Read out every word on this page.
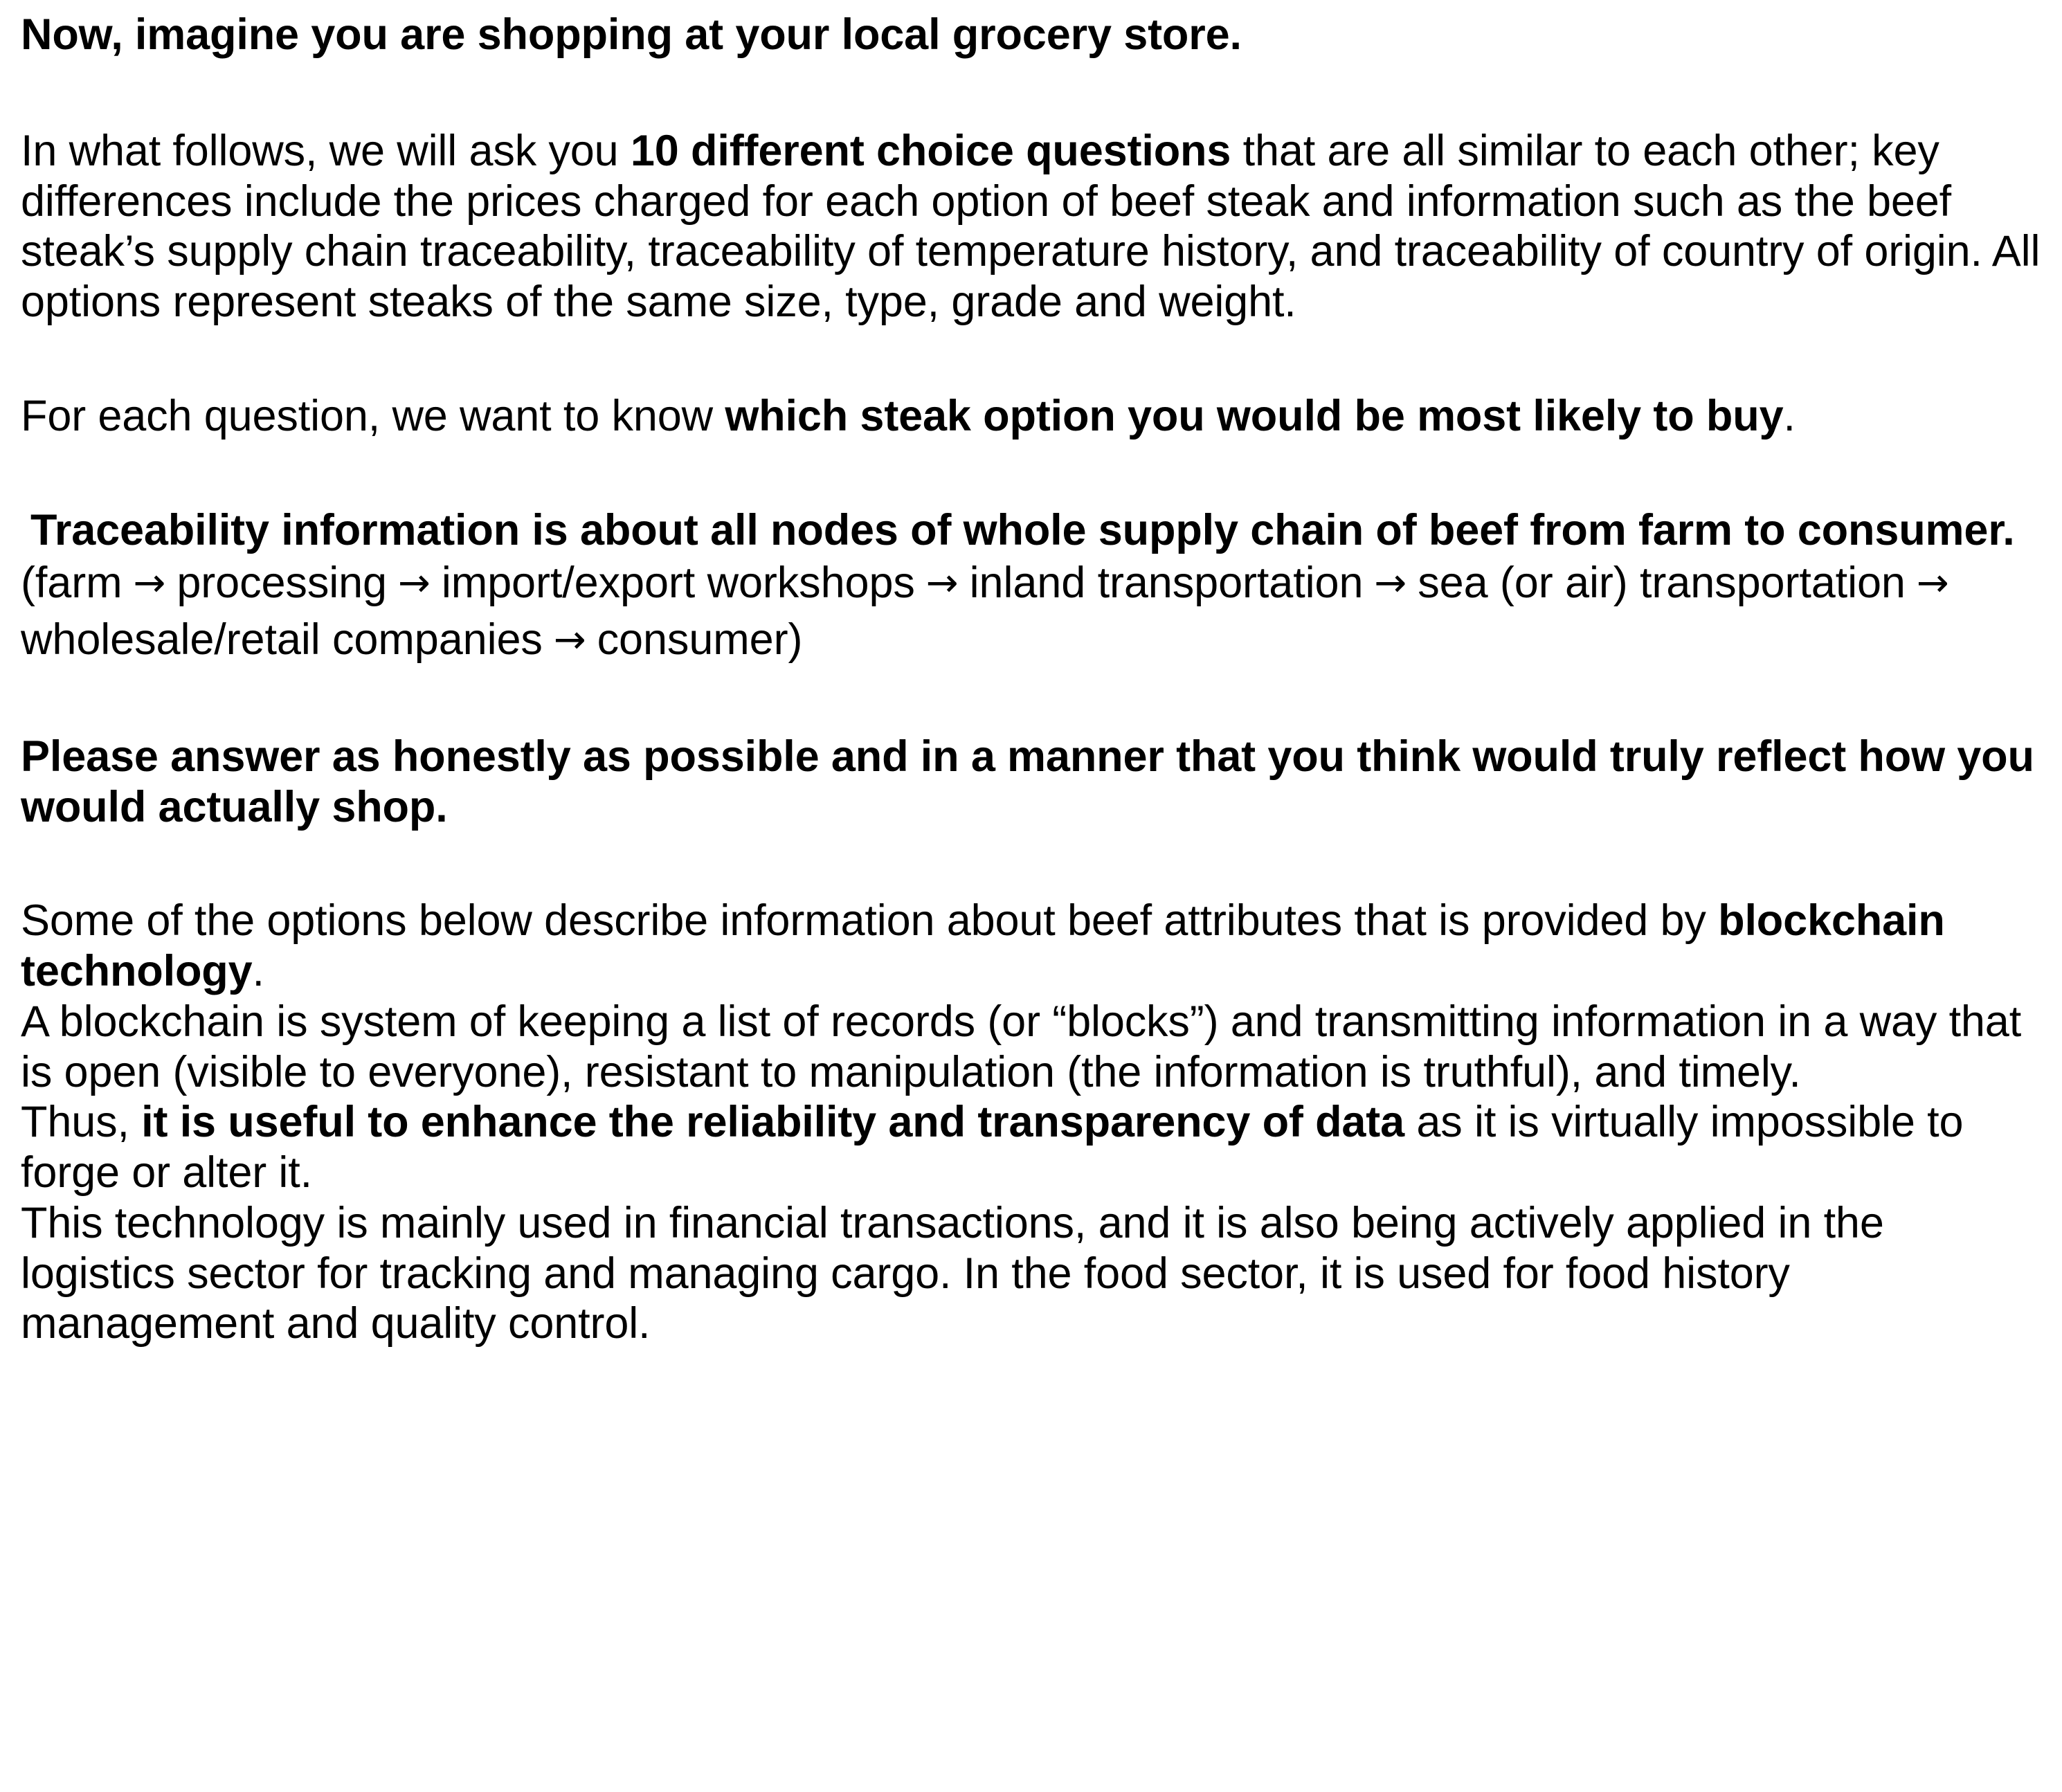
Now, imagine you are shopping at your local grocery store.

In what follows, we will ask you 10 different choice questions that are all similar to each other; key differences include the prices charged for each option of beef steak and information such as the beef steak’s supply chain traceability, traceability of temperature history, and traceability of country of origin. All options represent steaks of the same size, type, grade and weight.

For each question, we want to know which steak option you would be most likely to buy.

Traceability information is about all nodes of whole supply chain of beef from farm to consumer.

(farm → processing → import/export workshops → inland transportation → sea (or air) transportation →wholesale/retail companies → consumer)

Please answer as honestly as possible and in a manner that you think would truly reflect how you would actually shop.

Some of the options below describe information about beef attributes that is provided by blockchain technology.

A blockchain is system of keeping a list of records (or “blocks”) and transmitting information in a way that is open (visible to everyone), resistant to manipulation (the information is truthful), and timely.

Thus, it is useful to enhance the reliability and transparency of data as it is virtually impossible to forge or alter it.

This technology is mainly used in financial transactions, and it is also being actively applied in the logistics sector for tracking and managing cargo. In the food sector, it is used for food history management and quality control.
